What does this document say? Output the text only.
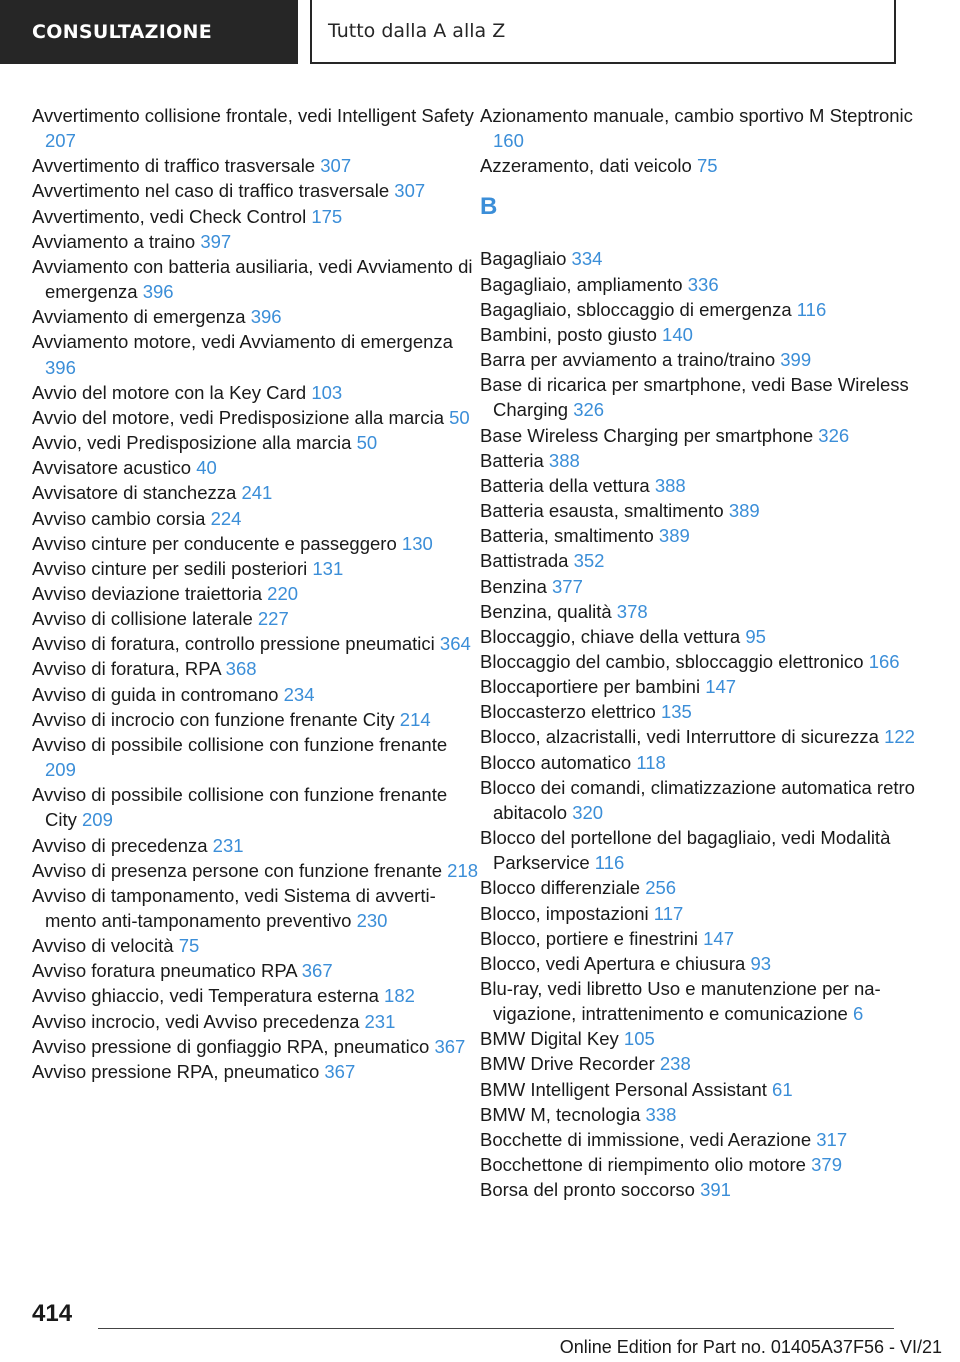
CONSULTAZIONE	Tutto dalla A alla Z
Avvertimento collisione frontale, vedi Intelligent Safety 207
Avvertimento di traffico trasversale 307
Avvertimento nel caso di traffico trasversale 307
Avvertimento, vedi Check Control 175
Avviamento a traino 397
Avviamento con batteria ausiliaria, vedi Avviamento di emergenza 396
Avviamento di emergenza 396
Avviamento motore, vedi Avviamento di emergenza 396
Avvio del motore con la Key Card 103
Avvio del motore, vedi Predisposizione alla marcia 50
Avvio, vedi Predisposizione alla marcia 50
Avvisatore acustico 40
Avvisatore di stanchezza 241
Avviso cambio corsia 224
Avviso cinture per conducente e passeggero 130
Avviso cinture per sedili posteriori 131
Avviso deviazione traiettoria 220
Avviso di collisione laterale 227
Avviso di foratura, controllo pressione pneumatici 364
Avviso di foratura, RPA 368
Avviso di guida in contromano 234
Avviso di incrocio con funzione frenante City 214
Avviso di possibile collisione con funzione frenante 209
Avviso di possibile collisione con funzione frenante City 209
Avviso di precedenza 231
Avviso di presenza persone con funzione frenante 218
Avviso di tamponamento, vedi Sistema di avvertimento anti-tamponamento preventivo 230
Avviso di velocità 75
Avviso foratura pneumatico RPA 367
Avviso ghiaccio, vedi Temperatura esterna 182
Avviso incrocio, vedi Avviso precedenza 231
Avviso pressione di gonfiaggio RPA, pneumatico 367
Avviso pressione RPA, pneumatico 367
Azionamento manuale, cambio sportivo M Steptronic 160
Azzeramento, dati veicolo 75
B
Bagagliaio 334
Bagagliaio, ampliamento 336
Bagagliaio, sbloccaggio di emergenza 116
Bambini, posto giusto 140
Barra per avviamento a traino/traino 399
Base di ricarica per smartphone, vedi Base Wireless Charging 326
Base Wireless Charging per smartphone 326
Batteria 388
Batteria della vettura 388
Batteria esausta, smaltimento 389
Batteria, smaltimento 389
Battistrada 352
Benzina 377
Benzina, qualità 378
Bloccaggio, chiave della vettura 95
Bloccaggio del cambio, sbloccaggio elettronico 166
Bloccaportiere per bambini 147
Bloccasterzo elettrico 135
Blocco, alzacristalli, vedi Interruttore di sicurezza 122
Blocco automatico 118
Blocco dei comandi, climatizzazione automatica retro abitacolo 320
Blocco del portellone del bagagliaio, vedi Modalità Parkservice 116
Blocco differenziale 256
Blocco, impostazioni 117
Blocco, portiere e finestrini 147
Blocco, vedi Apertura e chiusura 93
Blu-ray, vedi libretto Uso e manutenzione per navigazione, intrattenimento e comunicazione 6
BMW Digital Key 105
BMW Drive Recorder 238
BMW Intelligent Personal Assistant 61
BMW M, tecnologia 338
Bocchette di immissione, vedi Aerazione 317
Bocchettone di riempimento olio motore 379
Borsa del pronto soccorso 391
414
Online Edition for Part no. 01405A37F56 - VI/21
